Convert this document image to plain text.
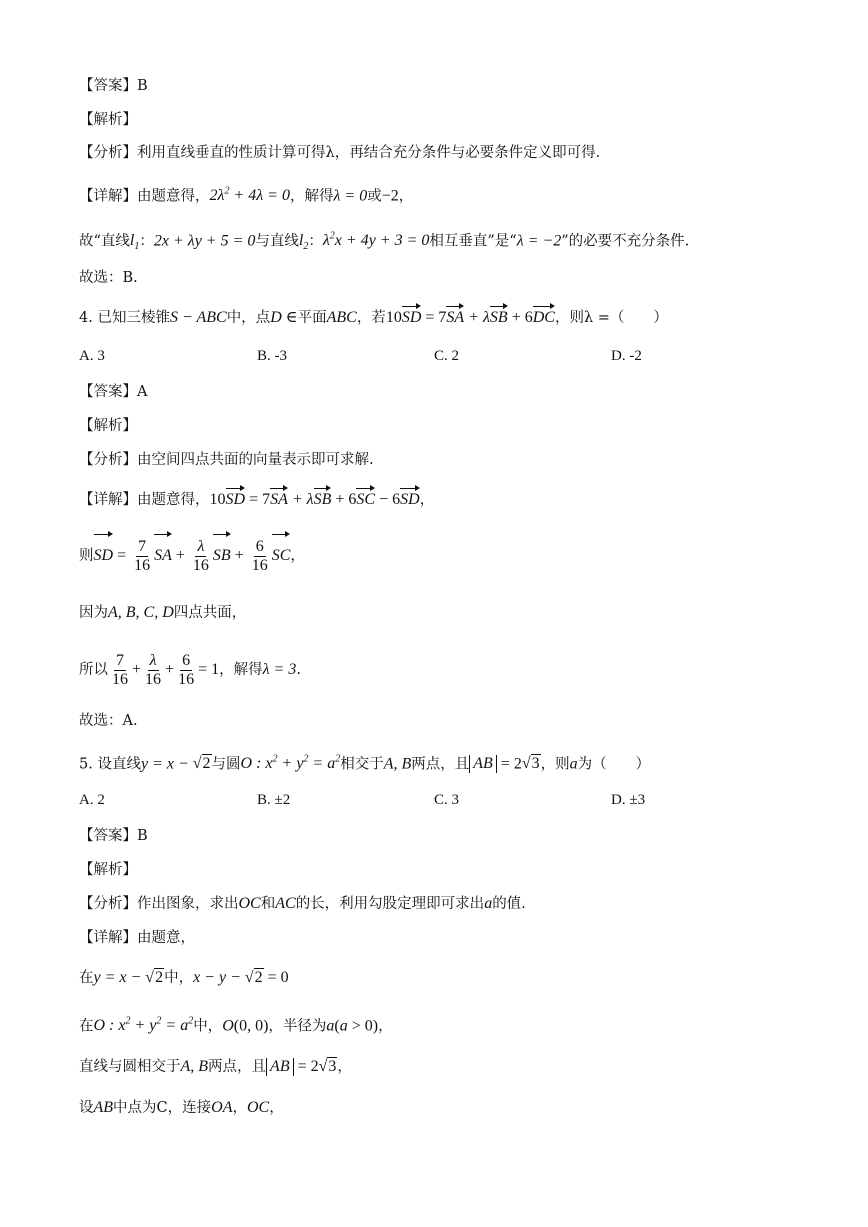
【答案】B
【解析】
【分析】利用直线垂直的性质计算可得λ，再结合充分条件与必要条件定义即可得.
【详解】由题意得，$2\lambda^2 + 4\lambda = 0$，解得λ = 0或−2，
故“直线$l_1$：2x + λy + 5 = 0与直线$l_2$：$\lambda^2x + 4y + 3 = 0$相互垂直”是“λ = −2”的必要不充分条件.
故选：B.
4. 已知三棱锥S − ABC中，点D ∈平面ABC，若10SD = 7SA + λSB + 6DC，则λ =（　　）
A. 3	B. -3	C. 2	D. -2
【答案】A
【解析】
【分析】由空间四点共面的向量表示即可求解.
【详解】由题意得，10SD = 7SA + λSB + 6SC − 6SD，
则SD = $\frac{7}{16}$ SA + $\frac{\lambda}{16}$ SB + $\frac{6}{16}$ SC，
因为A, B, C, D四点共面，
所以 $\frac{7}{16} + \frac{\lambda}{16} + \frac{6}{16} = 1$，解得λ = 3.
故选：A.
5. 设直线y = x − √2与圆O : $x^2 + y^2 = a^2$相交于A, B两点，且 AB = 2√3，则a为（　　）
A. 2	B. ±2	C. 3	D. ±3
【答案】B
【解析】
【分析】作出图象，求出OC和AC的长，利用勾股定理即可求出a的值.
【详解】由题意，
在y = x − √2中，x − y − √2 = 0
在O : $x^2 + y^2 = a^2$中，O(0, 0)，半径为a(a > 0)，
直线与圆相交于A, B两点，且 AB = 2√3，
设AB中点为C，连接OA，OC，
